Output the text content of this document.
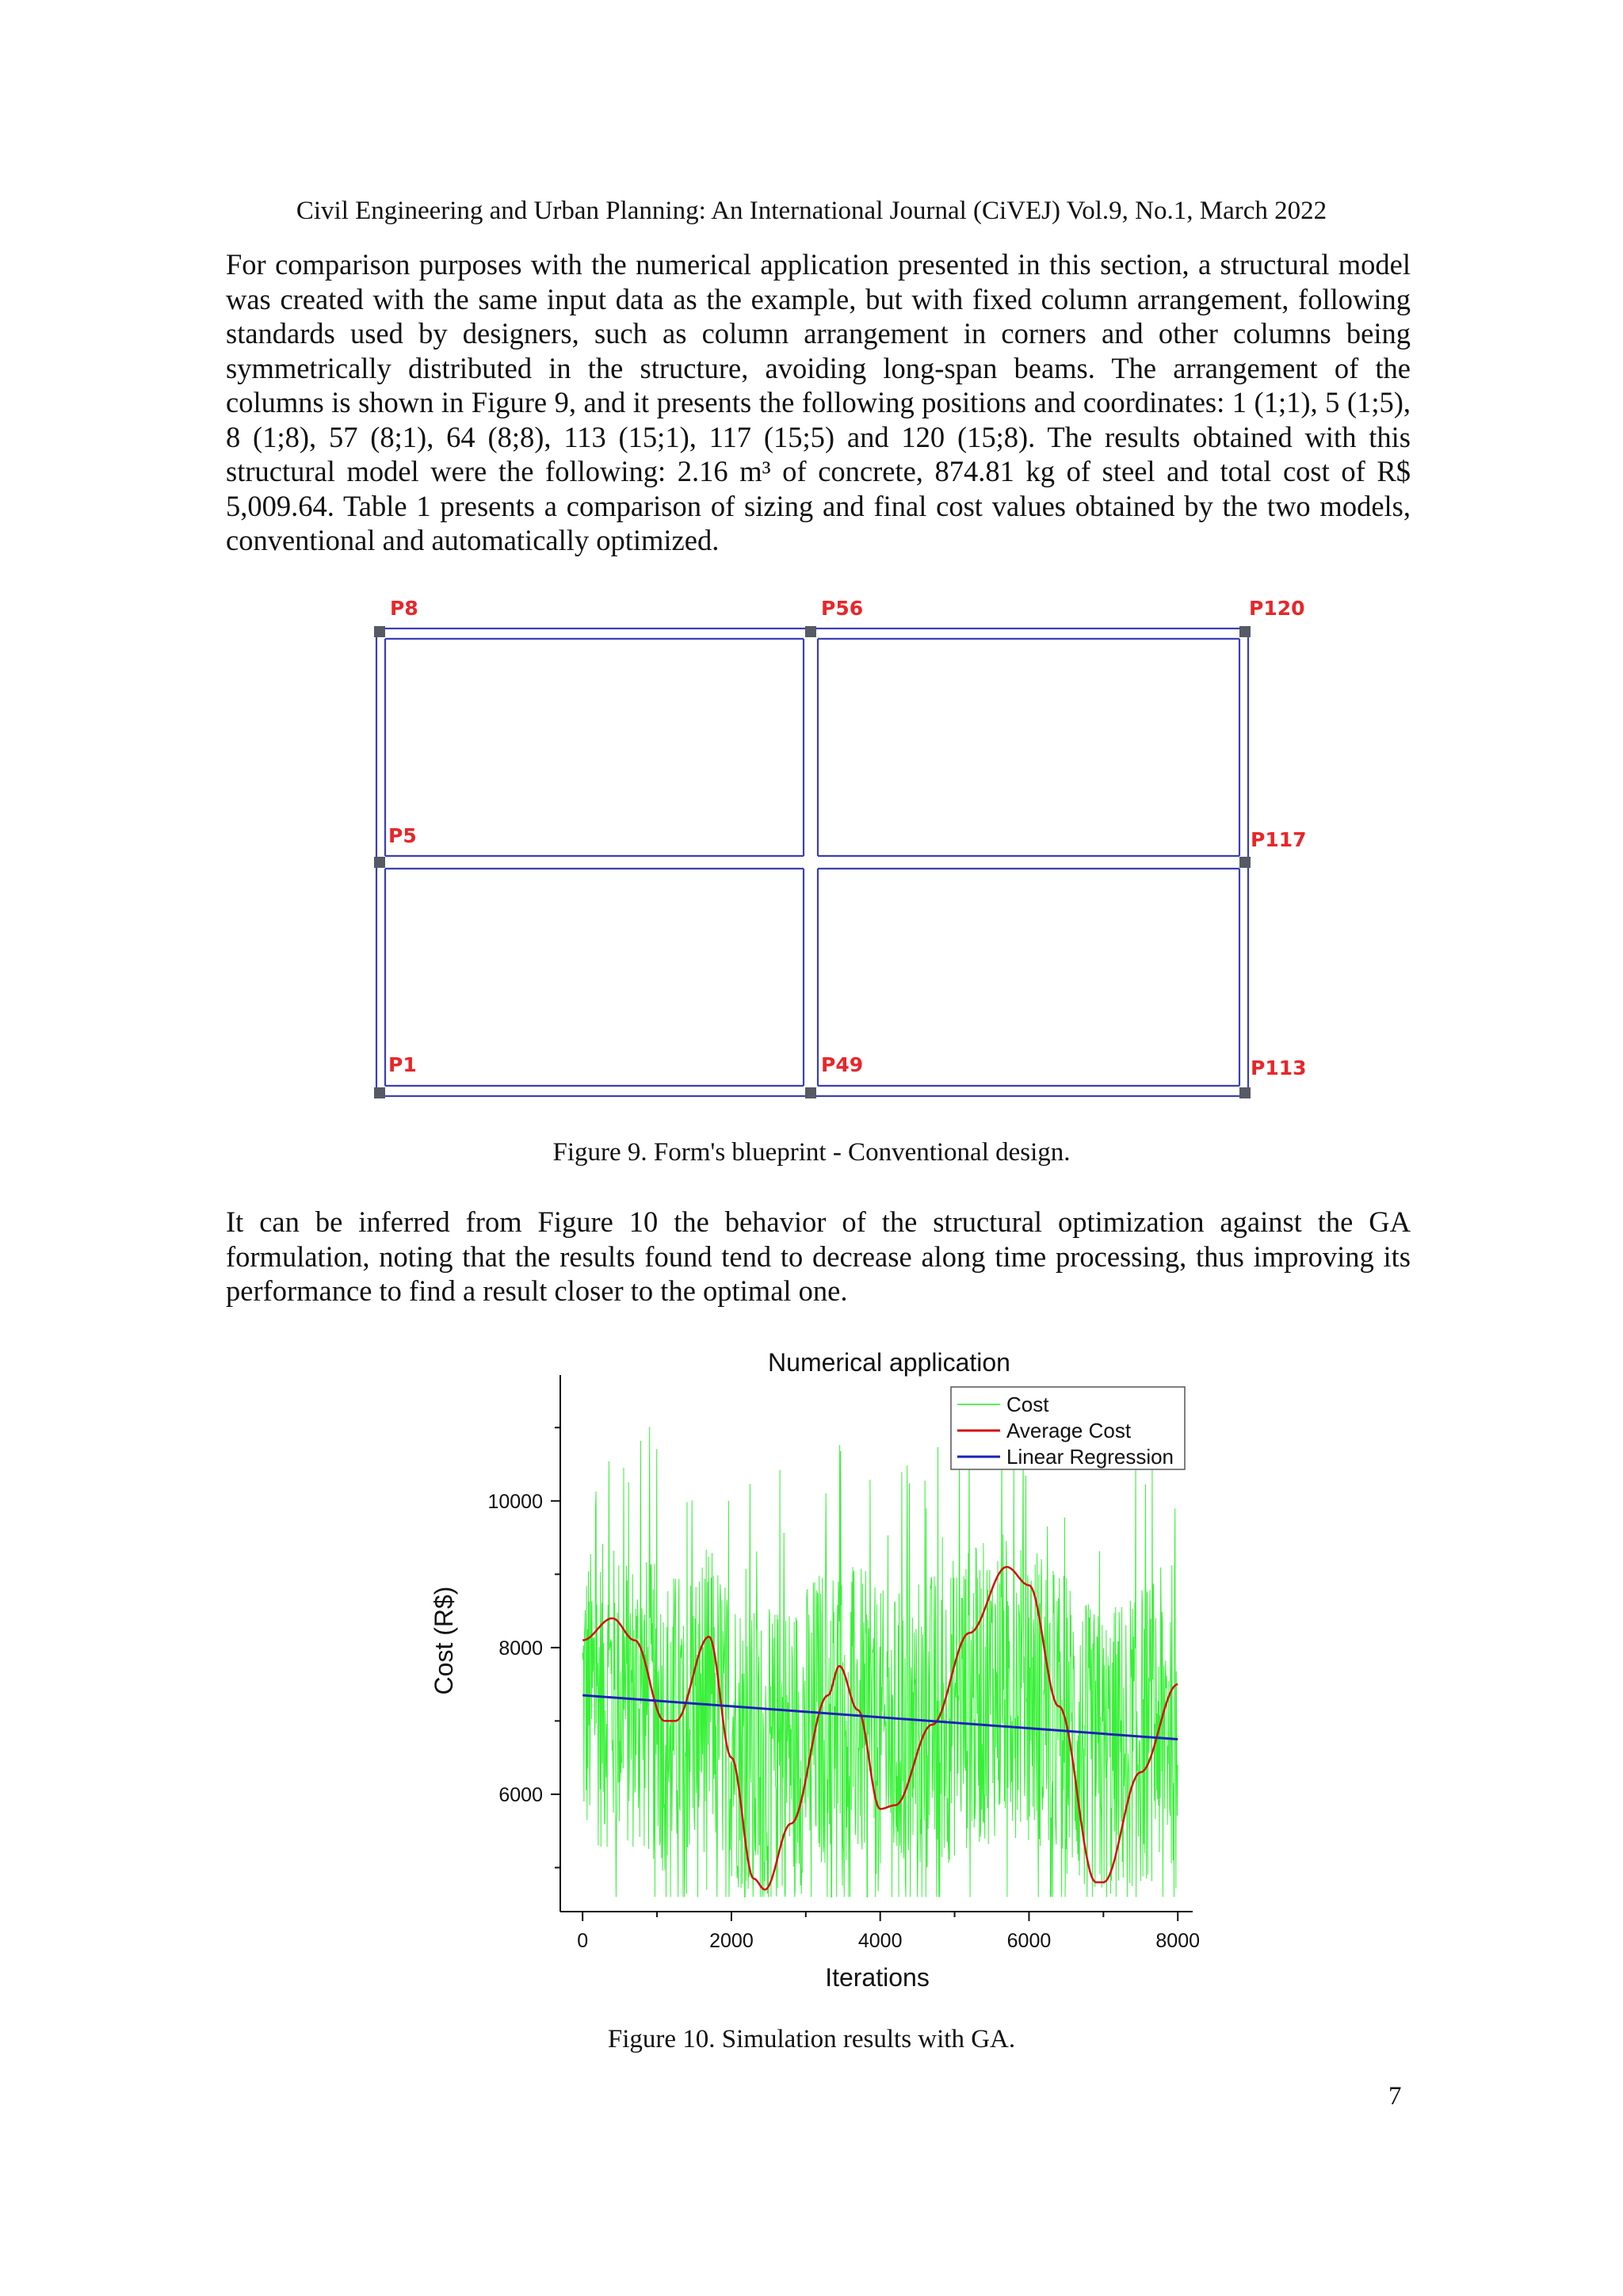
Civil Engineering and Urban Planning: An International Journal (CiVEJ) Vol.9, No.1, March 2022

For comparison purposes with the numerical application presented in this section, a structural model was created with the same input data as the example, but with fixed column arrangement, following standards used by designers, such as column arrangement in corners and other columns being symmetrically distributed in the structure, avoiding long-span beams. The arrangement of the columns is shown in Figure 9, and it presents the following positions and coordinates: 1 (1;1), 5 (1;5), 8 (1;8), 57 (8;1), 64 (8;8), 113 (15;1), 117 (15;5) and 120 (15;8). The results obtained with this structural model were the following: 2.16 m³ of concrete, 874.81 kg of steel and total cost of R$ 5,009.64. Table 1 presents a comparison of sizing and final cost values obtained by the two models, conventional and automatically optimized.

P8	P56	P120
P5	P117
P1	P49	P113
Figure 9. Form's blueprint - Conventional design.

It can be inferred from Figure 10 the behavior of the structural optimization against the GA formulation, noting that the results found tend to decrease along time processing, thus improving its performance to find a result closer to the optimal one.

Numerical application
Iterations
Cost (R$)
6000
8000
10000
0	2000	4000	6000	8000
Cost
Average Cost
Linear Regression
Figure 10. Simulation results with GA.
7
